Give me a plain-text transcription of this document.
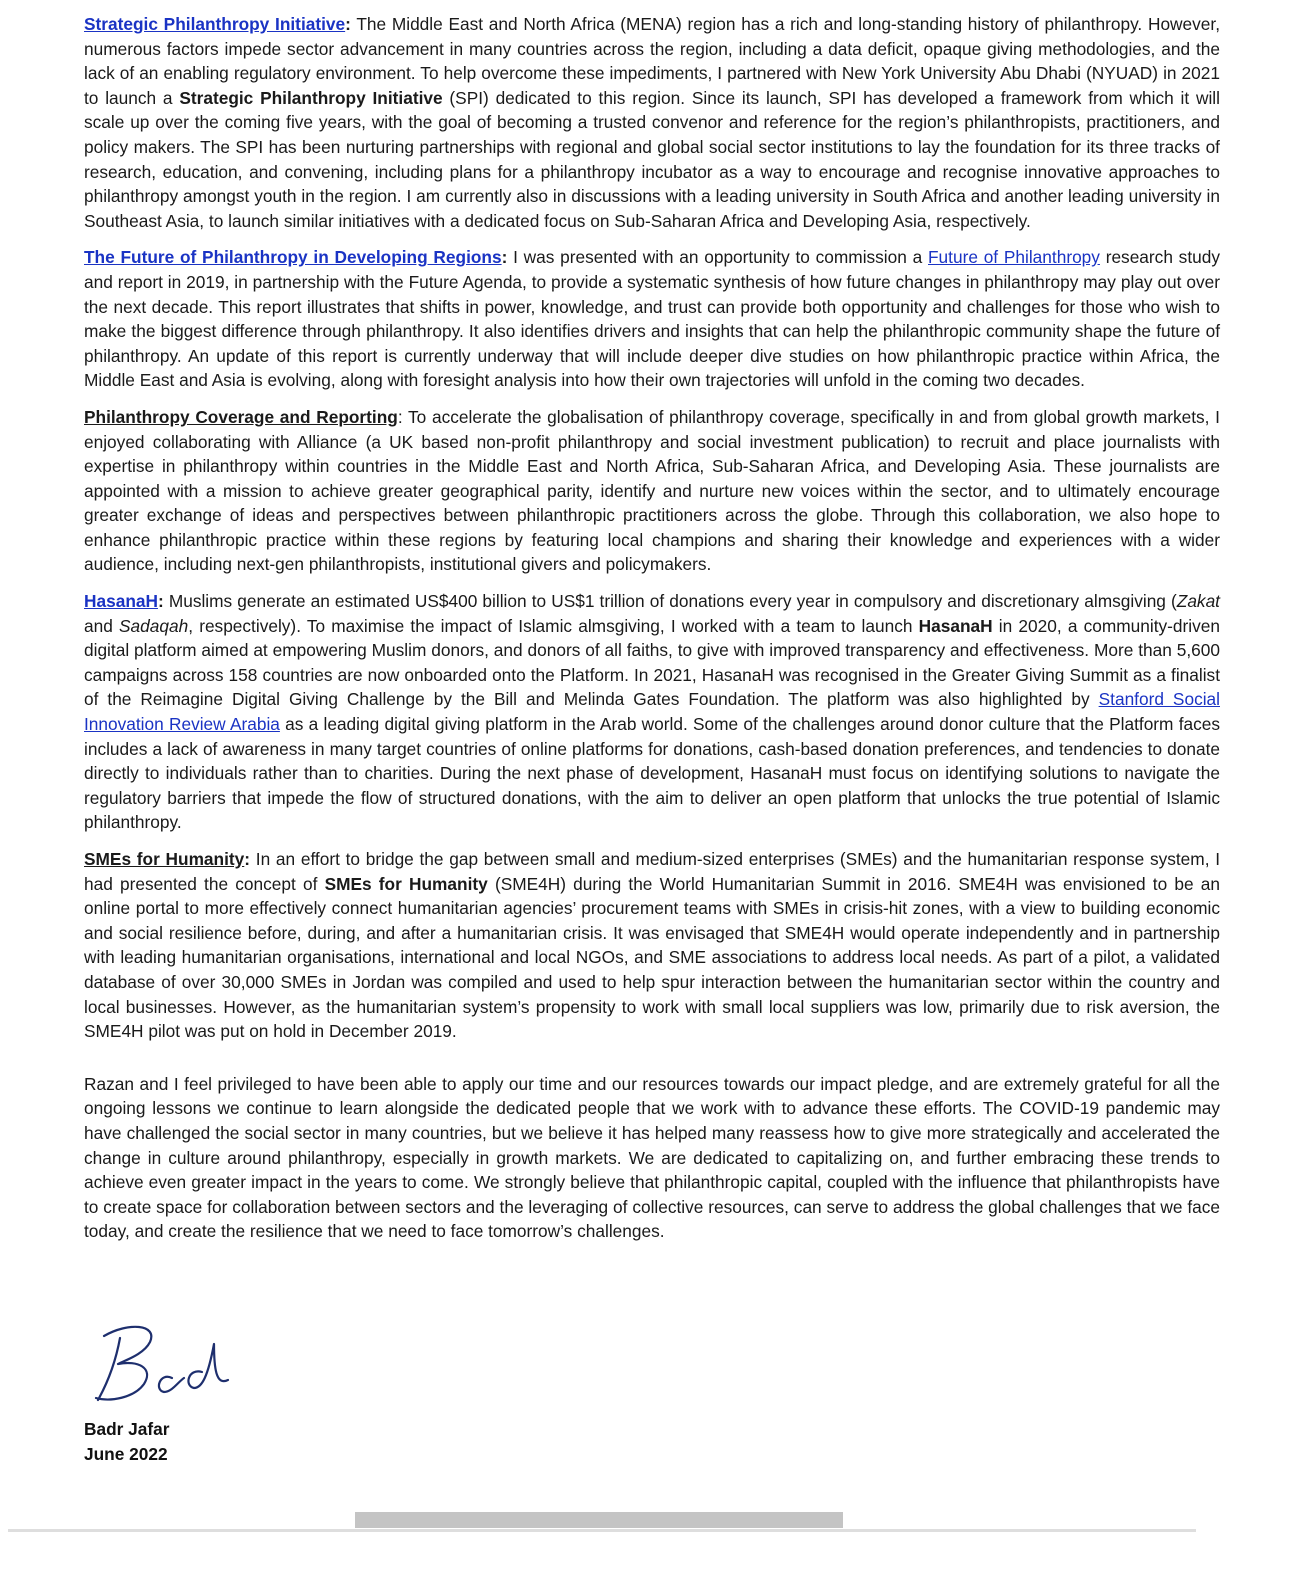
Strategic Philanthropy Initiative: The Middle East and North Africa (MENA) region has a rich and long-standing history of philanthropy. However, numerous factors impede sector advancement in many countries across the region, including a data deficit, opaque giving methodologies, and the lack of an enabling regulatory environment. To help overcome these impediments, I partnered with New York University Abu Dhabi (NYUAD) in 2021 to launch a Strategic Philanthropy Initiative (SPI) dedicated to this region. Since its launch, SPI has developed a framework from which it will scale up over the coming five years, with the goal of becoming a trusted convenor and reference for the region’s philanthropists, practitioners, and policy makers. The SPI has been nurturing partnerships with regional and global social sector institutions to lay the foundation for its three tracks of research, education, and convening, including plans for a philanthropy incubator as a way to encourage and recognise innovative approaches to philanthropy amongst youth in the region. I am currently also in discussions with a leading university in South Africa and another leading university in Southeast Asia, to launch similar initiatives with a dedicated focus on Sub-Saharan Africa and Developing Asia, respectively.

The Future of Philanthropy in Developing Regions: I was presented with an opportunity to commission a Future of Philanthropy research study and report in 2019, in partnership with the Future Agenda, to provide a systematic synthesis of how future changes in philanthropy may play out over the next decade. This report illustrates that shifts in power, knowledge, and trust can provide both opportunity and challenges for those who wish to make the biggest difference through philanthropy. It also identifies drivers and insights that can help the philanthropic community shape the future of philanthropy. An update of this report is currently underway that will include deeper dive studies on how philanthropic practice within Africa, the Middle East and Asia is evolving, along with foresight analysis into how their own trajectories will unfold in the coming two decades.

Philanthropy Coverage and Reporting: To accelerate the globalisation of philanthropy coverage, specifically in and from global growth markets, I enjoyed collaborating with Alliance (a UK based non-profit philanthropy and social investment publication) to recruit and place journalists with expertise in philanthropy within countries in the Middle East and North Africa, Sub-Saharan Africa, and Developing Asia. These journalists are appointed with a mission to achieve greater geographical parity, identify and nurture new voices within the sector, and to ultimately encourage greater exchange of ideas and perspectives between philanthropic practitioners across the globe. Through this collaboration, we also hope to enhance philanthropic practice within these regions by featuring local champions and sharing their knowledge and experiences with a wider audience, including next-gen philanthropists, institutional givers and policymakers.

HasanaH: Muslims generate an estimated US$400 billion to US$1 trillion of donations every year in compulsory and discretionary almsgiving (Zakat and Sadaqah, respectively). To maximise the impact of Islamic almsgiving, I worked with a team to launch HasanaH in 2020, a community-driven digital platform aimed at empowering Muslim donors, and donors of all faiths, to give with improved transparency and effectiveness. More than 5,600 campaigns across 158 countries are now onboarded onto the Platform. In 2021, HasanaH was recognised in the Greater Giving Summit as a finalist of the Reimagine Digital Giving Challenge by the Bill and Melinda Gates Foundation. The platform was also highlighted by Stanford Social Innovation Review Arabia as a leading digital giving platform in the Arab world. Some of the challenges around donor culture that the Platform faces includes a lack of awareness in many target countries of online platforms for donations, cash-based donation preferences, and tendencies to donate directly to individuals rather than to charities. During the next phase of development, HasanaH must focus on identifying solutions to navigate the regulatory barriers that impede the flow of structured donations, with the aim to deliver an open platform that unlocks the true potential of Islamic philanthropy.

SMEs for Humanity: In an effort to bridge the gap between small and medium-sized enterprises (SMEs) and the humanitarian response system, I had presented the concept of SMEs for Humanity (SME4H) during the World Humanitarian Summit in 2016. SME4H was envisioned to be an online portal to more effectively connect humanitarian agencies’ procurement teams with SMEs in crisis-hit zones, with a view to building economic and social resilience before, during, and after a humanitarian crisis. It was envisaged that SME4H would operate independently and in partnership with leading humanitarian organisations, international and local NGOs, and SME associations to address local needs. As part of a pilot, a validated database of over 30,000 SMEs in Jordan was compiled and used to help spur interaction between the humanitarian sector within the country and local businesses. However, as the humanitarian system’s propensity to work with small local suppliers was low, primarily due to risk aversion, the SME4H pilot was put on hold in December 2019.

Razan and I feel privileged to have been able to apply our time and our resources towards our impact pledge, and are extremely grateful for all the ongoing lessons we continue to learn alongside the dedicated people that we work with to advance these efforts. The COVID-19 pandemic may have challenged the social sector in many countries, but we believe it has helped many reassess how to give more strategically and accelerated the change in culture around philanthropy, especially in growth markets. We are dedicated to capitalizing on, and further embracing these trends to achieve even greater impact in the years to come. We strongly believe that philanthropic capital, coupled with the influence that philanthropists have to create space for collaboration between sectors and the leveraging of collective resources, can serve to address the global challenges that we face today, and create the resilience that we need to face tomorrow’s challenges.

Badr Jafar
June 2022
